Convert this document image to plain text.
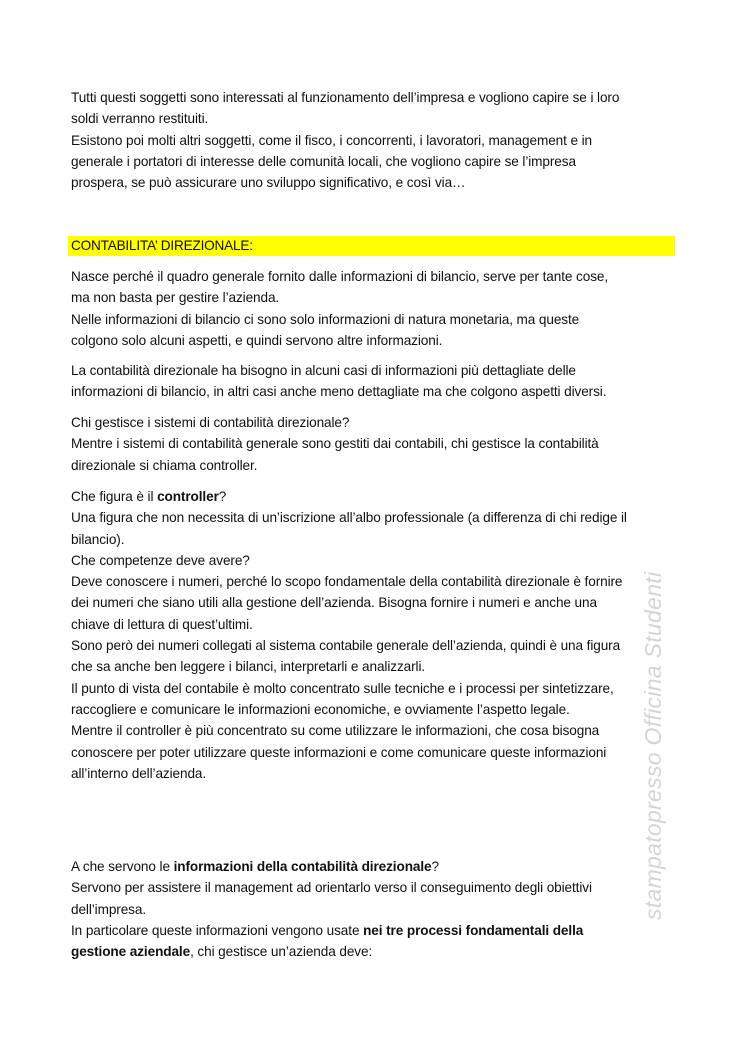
CONTABILITA’ DIREZIONALE:
Tutti questi soggetti sono interessati al funzionamento dell’impresa e vogliono capire se i loro
soldi verranno restituiti.
Esistono poi molti altri soggetti, come il fisco, i concorrenti, i lavoratori, management e in
generale i portatori di interesse delle comunità locali, che vogliono capire se l’impresa
prospera, se può assicurare uno sviluppo significativo, e così via…
Nasce perché il quadro generale fornito dalle informazioni di bilancio, serve per tante cose,
ma non basta per gestire l’azienda.
Nelle informazioni di bilancio ci sono solo informazioni di natura monetaria, ma queste
colgono solo alcuni aspetti, e quindi servono altre informazioni.
La contabilità direzionale ha bisogno in alcuni casi di informazioni più dettagliate delle
informazioni di bilancio, in altri casi anche meno dettagliate ma che colgono aspetti diversi.
Chi gestisce i sistemi di contabilità direzionale?
Mentre i sistemi di contabilità generale sono gestiti dai contabili, chi gestisce la contabilità
direzionale si chiama controller.
Che figura è il controller?
Una figura che non necessita di un’iscrizione all’albo professionale (a differenza di chi redige il
bilancio).
Che competenze deve avere?
Deve conoscere i numeri, perché lo scopo fondamentale della contabilità direzionale è fornire
dei numeri che siano utili alla gestione dell’azienda. Bisogna fornire i numeri e anche una
chiave di lettura di quest’ultimi.
Sono però dei numeri collegati al sistema contabile generale dell’azienda, quindi è una figura
che sa anche ben leggere i bilanci, interpretarli e analizzarli.
Il punto di vista del contabile è molto concentrato sulle tecniche e i processi per sintetizzare,
raccogliere e comunicare le informazioni economiche, e ovviamente l’aspetto legale.
Mentre il controller è più concentrato su come utilizzare le informazioni, che cosa bisogna
conoscere per poter utilizzare queste informazioni e come comunicare queste informazioni
all’interno dell’azienda.
A che servono le informazioni della contabilità direzionale?
Servono per assistere il management ad orientarlo verso il conseguimento degli obiettivi
dell’impresa.
In particolare queste informazioni vengono usate nei tre processi fondamentali della
gestione aziendale, chi gestisce un’azienda deve:
stampatopresso Officina Studenti
